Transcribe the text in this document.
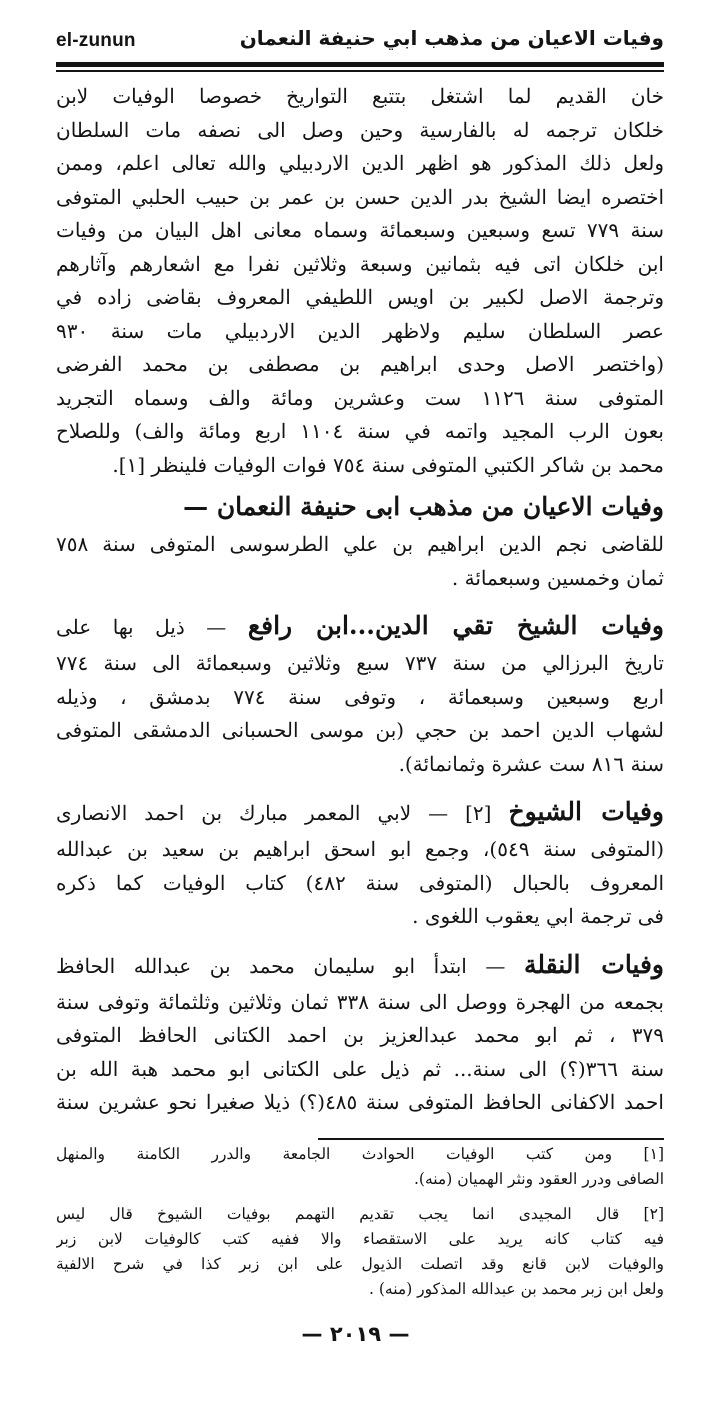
el-zunun	وفيات الاعيان من مذهب ابي حنيفة النعمان
خان القديم لما اشتغل بتتبع التواريخ خصوصا الوفيات لابن
خلكان ترجمه له بالفارسية وحين وصل الى نصفه مات السلطان
ولعل ذلك المذكور هو اظهر الدين الاردبيلي والله تعالى اعلم، وممن
اختصره ايضا الشيخ بدر الدين حسن بن عمر بن حبيب الحلبي المتوفى
سنة ٧٧٩ تسع وسبعين وسبعمائة وسماه معانى اهل البيان من وفيات
ابن خلكان اتى فيه بثمانين وسبعة وثلاثين نفرا مع اشعارهم وآثارهم
وترجمة الاصل لكبير بن اويس اللطيفي المعروف بقاضى زاده في
عصر السلطان سليم ولاظهر الدين الاردبيلي مات سنة ٩٣٠
(واختصر الاصل وحدى ابراهيم بن مصطفى بن محمد الفرضى
المتوفى سنة ١١٢٦ ست وعشرين ومائة والف وسماه التجريد
بعون الرب المجيد واتمه في سنة ١١٠٤ اربع ومائة والف) وللصلاح
محمد بن شاكر الكتبي المتوفى سنة ٧٥٤ فوات الوفيات فلينظر [١].
وفيات الاعيان من مذهب ابى حنيفة النعمان —
للقاضى نجم الدين ابراهيم بن علي الطرسوسى المتوفى سنة ٧٥٨
ثمان وخمسين وسبعمائة .
وفيات الشيخ تقي الدين...ابن رافع — ذيل بها على
تاريخ البرزالي من سنة ٧٣٧ سبع وثلاثين وسبعمائة الى سنة ٧٧٤
اربع وسبعين وسبعمائة ، وتوفى سنة ٧٧٤ بدمشق ، وذيله
لشهاب الدين احمد بن حجي (بن موسى الحسبانى الدمشقى المتوفى
سنة ٨١٦ ست عشرة وثمانمائة).
وفيات الشيوخ [٢] — لابي المعمر مبارك بن احمد الانصارى
(المتوفى سنة ٥٤٩)، وجمع ابو اسحق ابراهيم بن سعيد بن عبدالله
المعروف بالحبال (المتوفى سنة ٤٨٢) كتاب الوفيات كما ذكره
فى ترجمة ابي يعقوب اللغوى .
وفيات النقلة — ابتدأ ابو سليمان محمد بن عبدالله الحافظ
بجمعه من الهجرة ووصل الى سنة ٣٣٨ ثمان وثلاثين وثلثمائة وتوفى سنة
٣٧٩ ، ثم ابو محمد عبدالعزيز بن احمد الكتانى الحافظ المتوفى
سنة ٣٦٦(؟) الى سنة... ثم ذيل على الكتانى ابو محمد هبة الله بن
احمد الاكفانى الحافظ المتوفى سنة ٤٨٥(؟) ذيلا صغيرا نحو عشرين سنة
[١] ومن كتب الوفيات الحوادث الجامعة والدرر الكامنة والمنهل
الصافى ودرر العقود ونثر الهميان (منه).
[٢] قال المجيدى انما يجب تقديم التهمم بوفيات الشيوخ قال ليس
فيه كتاب كانه يريد على الاستقصاء والا ففيه كتب كالوفيات لابن زبر
والوفيات لابن قانع وقد اتصلت الذيول على ابن زبر كذا في شرح الالفية
ولعل ابن زبر محمد بن عبدالله المذكور (منه) .
— ٢٠١٩ —
